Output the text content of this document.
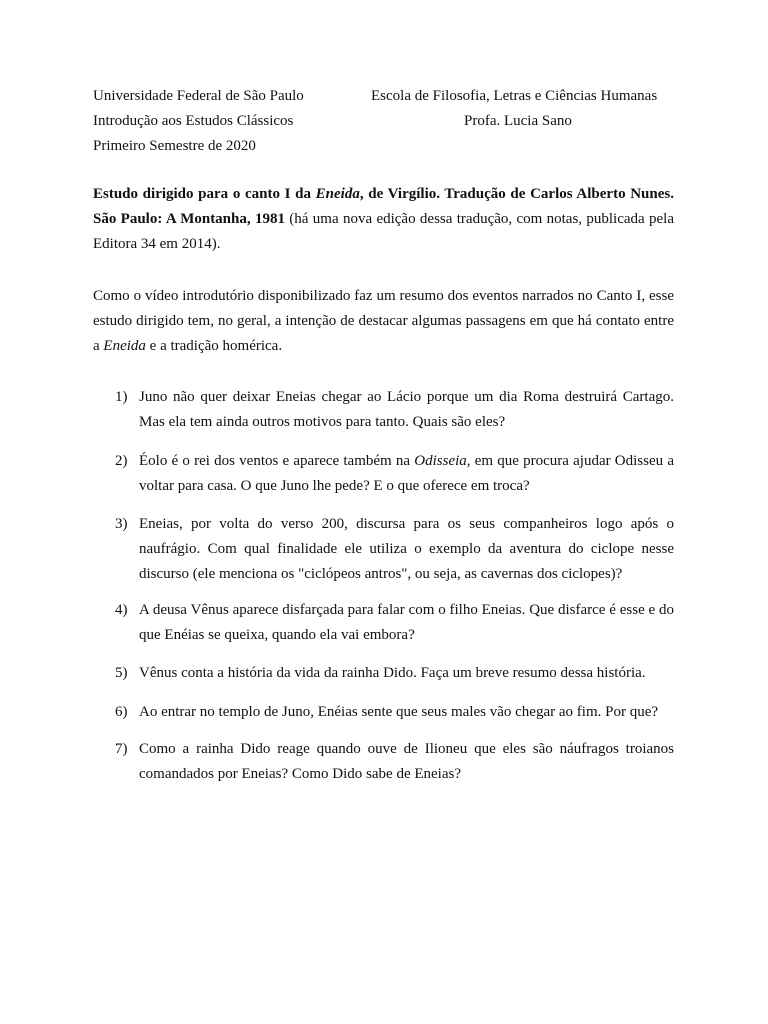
Universidade Federal de São Paulo	Escola de Filosofia, Letras e Ciências Humanas
Introdução aos Estudos Clássicos	Profa. Lucia Sano
Primeiro Semestre de 2020

Estudo dirigido para o canto I da Eneida, de Virgílio. Tradução de Carlos Alberto Nunes. São Paulo: A Montanha, 1981 (há uma nova edição dessa tradução, com notas, publicada pela Editora 34 em 2014).

Como o vídeo introdutório disponibilizado faz um resumo dos eventos narrados no Canto I, esse estudo dirigido tem, no geral, a intenção de destacar algumas passagens em que há contato entre a Eneida e a tradição homérica.

1) Juno não quer deixar Eneias chegar ao Lácio porque um dia Roma destruirá Cartago. Mas ela tem ainda outros motivos para tanto. Quais são eles?
2) Éolo é o rei dos ventos e aparece também na Odisseia, em que procura ajudar Odisseu a voltar para casa. O que Juno lhe pede? E o que oferece em troca?
3) Eneias, por volta do verso 200, discursa para os seus companheiros logo após o naufrágio. Com qual finalidade ele utiliza o exemplo da aventura do ciclope nesse discurso (ele menciona os "ciclópeos antros", ou seja, as cavernas dos ciclopes)?
4) A deusa Vênus aparece disfarçada para falar com o filho Eneias. Que disfarce é esse e do que Enéias se queixa, quando ela vai embora?
5) Vênus conta a história da vida da rainha Dido. Faça um breve resumo dessa história.
6) Ao entrar no templo de Juno, Enéias sente que seus males vão chegar ao fim. Por que?
7) Como a rainha Dido reage quando ouve de Ilioneu que eles são náufragos troianos comandados por Eneias? Como Dido sabe de Eneias?
